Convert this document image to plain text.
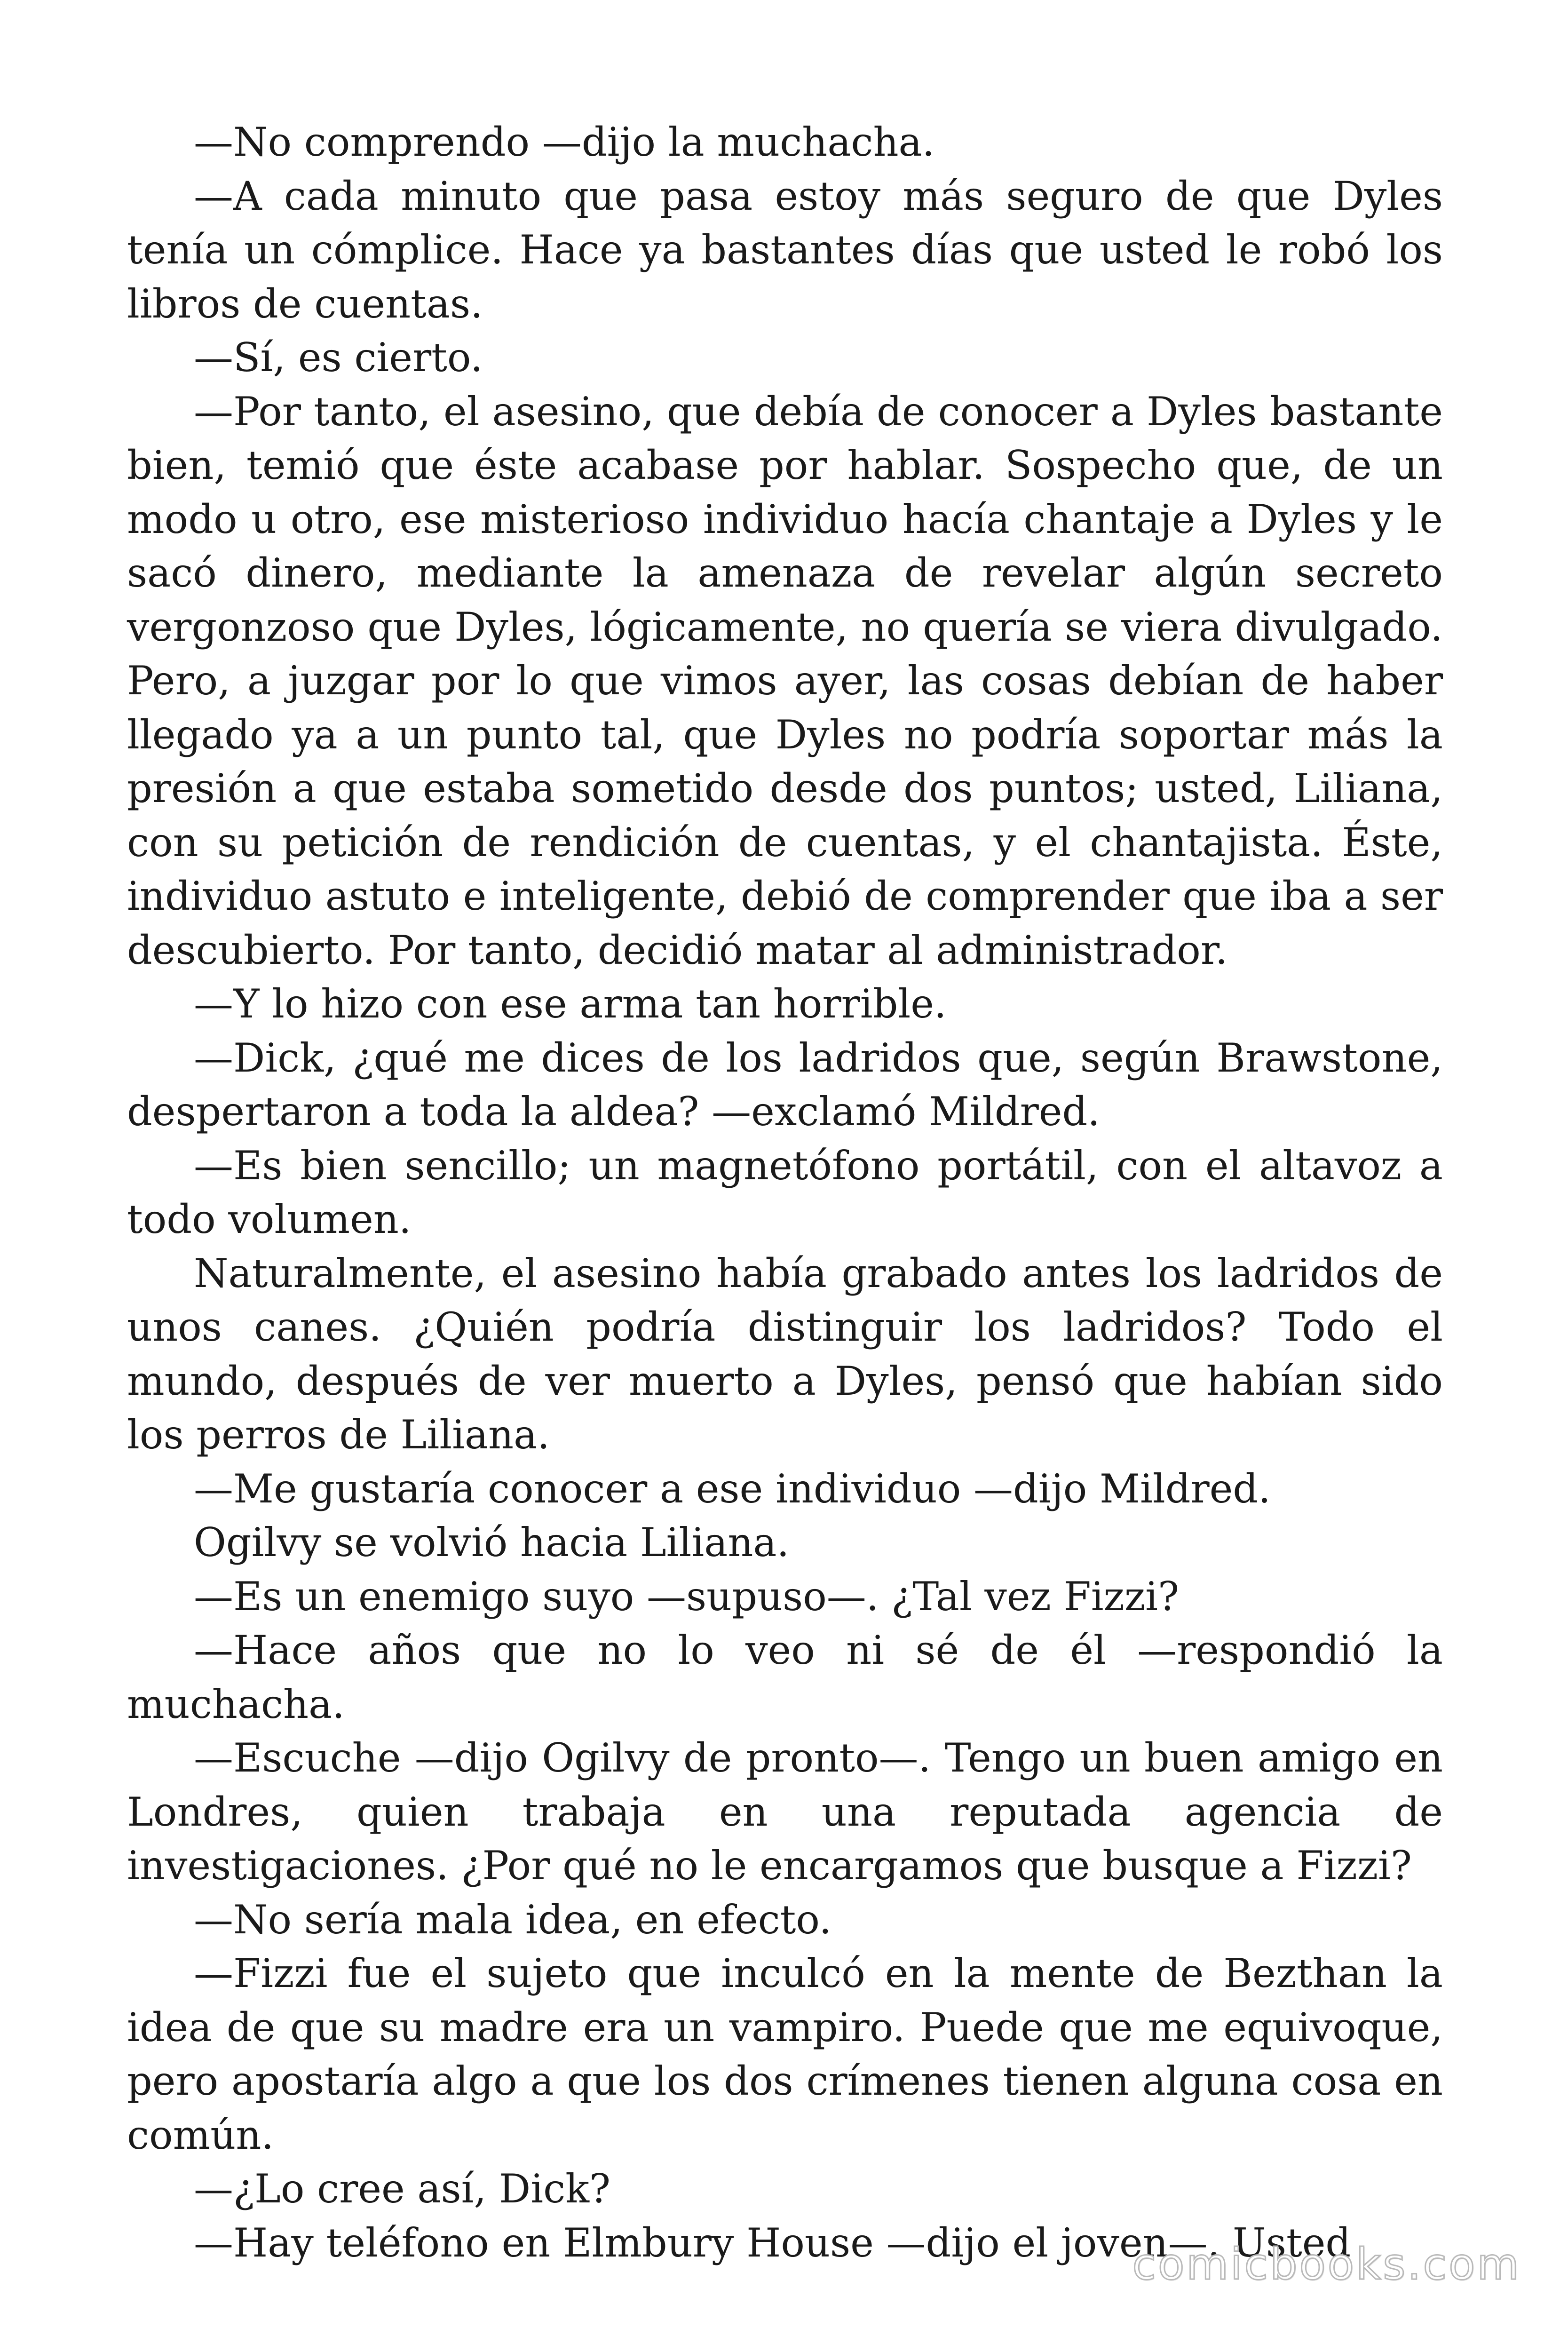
—No comprendo —dijo la muchacha.

—A cada minuto que pasa estoy más seguro de que Dyles tenía un cómplice. Hace ya bastantes días que usted le robó los libros de cuentas.

—Sí, es cierto.

—Por tanto, el asesino, que debía de conocer a Dyles bastante bien, temió que éste acabase por hablar. Sospecho que, de un modo u otro, ese misterioso individuo hacía chantaje a Dyles y le sacó dinero, mediante la amenaza de revelar algún secreto vergonzoso que Dyles, lógicamente, no quería se viera divulgado. Pero, a juzgar por lo que vimos ayer, las cosas debían de haber llegado ya a un punto tal, que Dyles no podría soportar más la presión a que estaba sometido desde dos puntos; usted, Liliana, con su petición de rendición de cuentas, y el chantajista. Éste, individuo astuto e inteligente, debió de comprender que iba a ser descubierto. Por tanto, decidió matar al administrador.

—Y lo hizo con ese arma tan horrible.

—Dick, ¿qué me dices de los ladridos que, según Brawstone, despertaron a toda la aldea? —exclamó Mildred.

—Es bien sencillo; un magnetófono portátil, con el altavoz a todo volumen.

Naturalmente, el asesino había grabado antes los ladridos de unos canes. ¿Quién podría distinguir los ladridos? Todo el mundo, después de ver muerto a Dyles, pensó que habían sido los perros de Liliana.

—Me gustaría conocer a ese individuo —dijo Mildred.

Ogilvy se volvió hacia Liliana.

—Es un enemigo suyo —supuso—. ¿Tal vez Fizzi?

—Hace años que no lo veo ni sé de él —respondió la muchacha.

—Escuche —dijo Ogilvy de pronto—. Tengo un buen amigo en Londres, quien trabaja en una reputada agencia de investigaciones. ¿Por qué no le encargamos que busque a Fizzi?

—No sería mala idea, en efecto.

—Fizzi fue el sujeto que inculcó en la mente de Bezthan la idea de que su madre era un vampiro. Puede que me equivoque, pero apostaría algo a que los dos crímenes tienen alguna cosa en común.

—¿Lo cree así, Dick?

—Hay teléfono en Elmbury House —dijo el joven—. Usted

comicbooks.com
